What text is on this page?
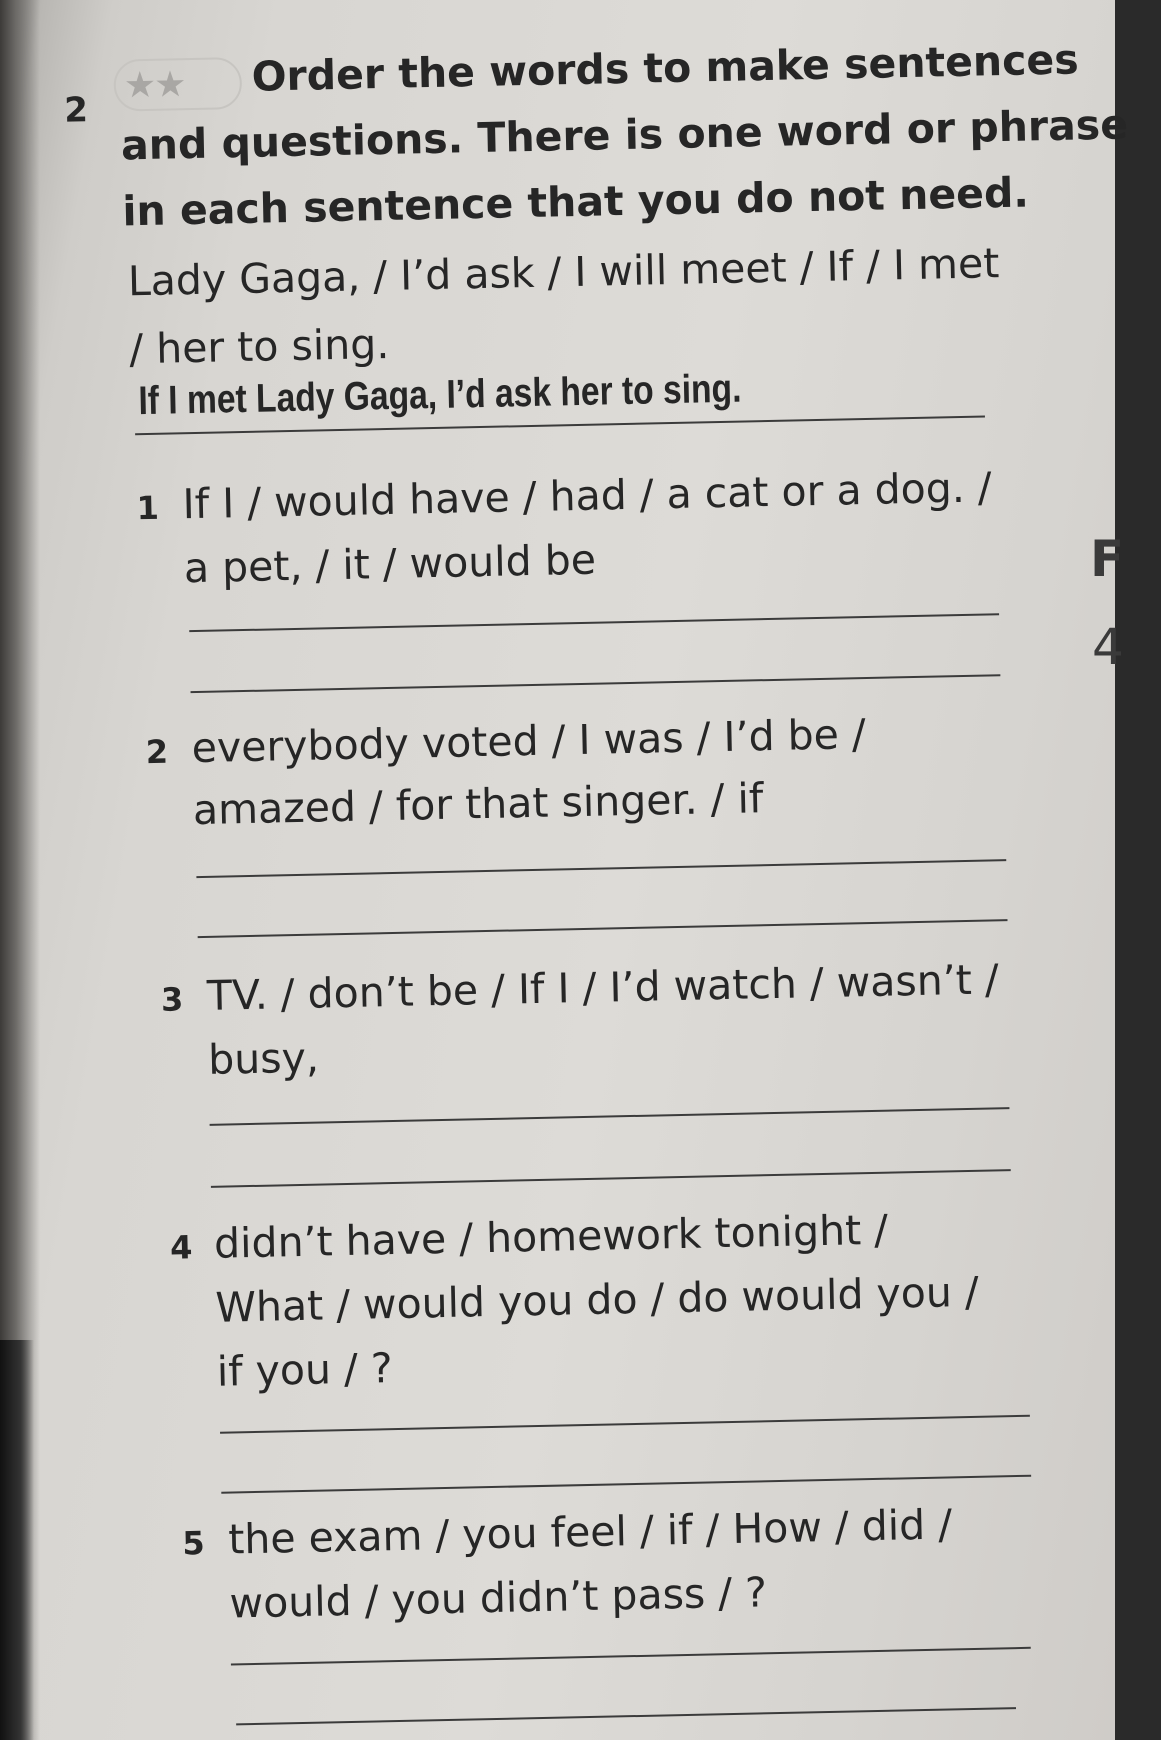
2
★★	Order the words to make sentences
and questions. There is one word or phrase
in each sentence that you do not need.
Lady Gaga, / I’d ask / I will meet / If / I met
/ her to sing.
If I met Lady Gaga, I’d ask her to sing.
1 If I / would have / had / a cat or a dog. /
a pet, / it / would be
2 everybody voted / I was / I’d be /
amazed / for that singer. / if
3 TV. / don’t be / If I / I’d watch / wasn’t /
busy,
4 didn’t have / homework tonight /
What / would you do / do would you /
if you / ?
5 the exam / you feel / if / How / did /
would / you didn’t pass / ?
F
4
